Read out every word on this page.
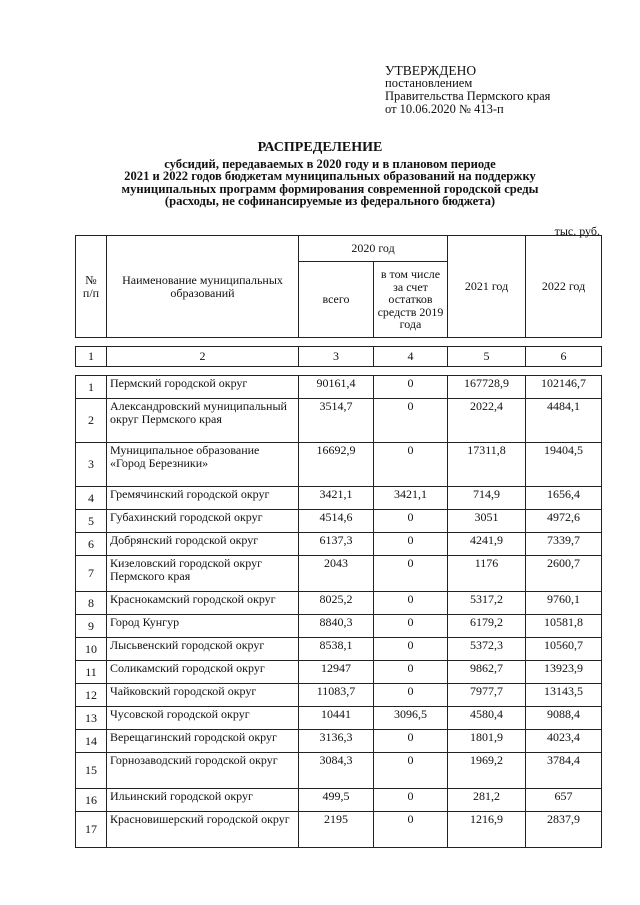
УТВЕРЖДЕНО
постановлением
Правительства Пермского края
от 10.06.2020 № 413-п
РАСПРЕДЕЛЕНИЕ
субсидий, передаваемых в 2020 году и в плановом периоде
2021 и 2022 годов бюджетам муниципальных образований на поддержку
муниципальных программ формирования современной городской среды
(расходы, не софинансируемые из федерального бюджета)
тыс. руб.
№ п/п	Наименование муниципальных образований	2020 год		2021 год	2022 год
		всего	в том числе за счет остатков средств 2019 года		

1	2	3	4	5	6

1	Пермский городской округ	90161,4	0	167728,9	102146,7
2	Александровский муниципальный округ Пермского края	3514,7	0	2022,4	4484,1
3	Муниципальное образование «Город Березники»	16692,9	0	17311,8	19404,5
4	Гремячинский городской округ	3421,1	3421,1	714,9	1656,4
5	Губахинский городской округ	4514,6	0	3051	4972,6
6	Добрянский городской округ	6137,3	0	4241,9	7339,7
7	Кизеловский городской округ Пермского края	2043	0	1176	2600,7
8	Краснокамский городской округ	8025,2	0	5317,2	9760,1
9	Город Кунгур	8840,3	0	6179,2	10581,8
10	Лысьвенский городской округ	8538,1	0	5372,3	10560,7
11	Соликамский городской округ	12947	0	9862,7	13923,9
12	Чайковский городской округ	11083,7	0	7977,7	13143,5
13	Чусовской городской округ	10441	3096,5	4580,4	9088,4
14	Верещагинский городской округ	3136,3	0	1801,9	4023,4
15	Горнозаводский городской округ	3084,3	0	1969,2	3784,4
16	Ильинский городской округ	499,5	0	281,2	657
17	Красновишерский городской округ	2195	0	1216,9	2837,9
